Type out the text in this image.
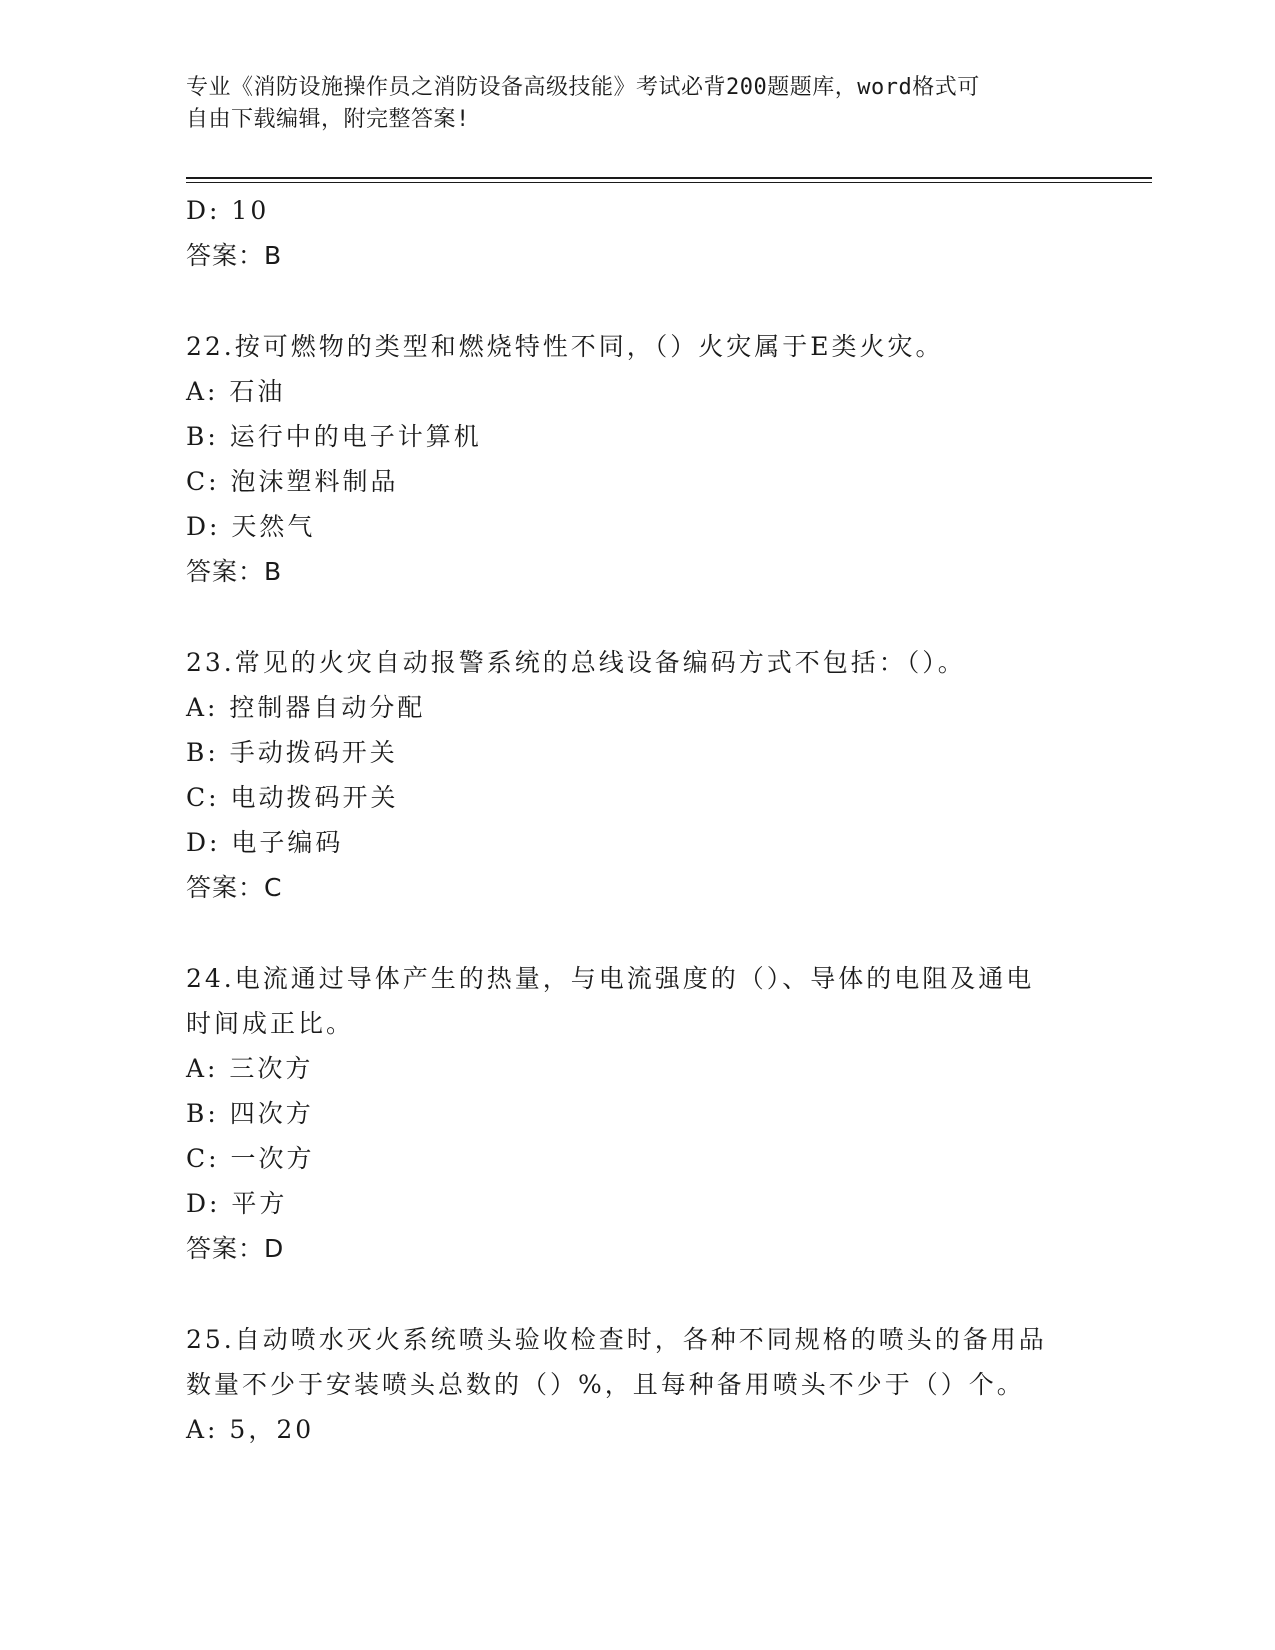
专业《消防设施操作员之消防设备高级技能》考试必背200题题库，word格式可
自由下载编辑，附完整答案!
D: 10
答案：B
22.按可燃物的类型和燃烧特性不同，（）火灾属于E类火灾。
A: 石油
B: 运行中的电子计算机
C: 泡沫塑料制品
D: 天然气
答案：B
23.常见的火灾自动报警系统的总线设备编码方式不包括：（）。
A: 控制器自动分配
B: 手动拨码开关
C: 电动拨码开关
D: 电子编码
答案：C
24.电流通过导体产生的热量，与电流强度的（）、导体的电阻及通电
时间成正比。
A: 三次方
B: 四次方
C: 一次方
D: 平方
答案：D
25.自动喷水灭火系统喷头验收检查时，各种不同规格的喷头的备用品
数量不少于安装喷头总数的（）%，且每种备用喷头不少于（）个。
A: 5，20
